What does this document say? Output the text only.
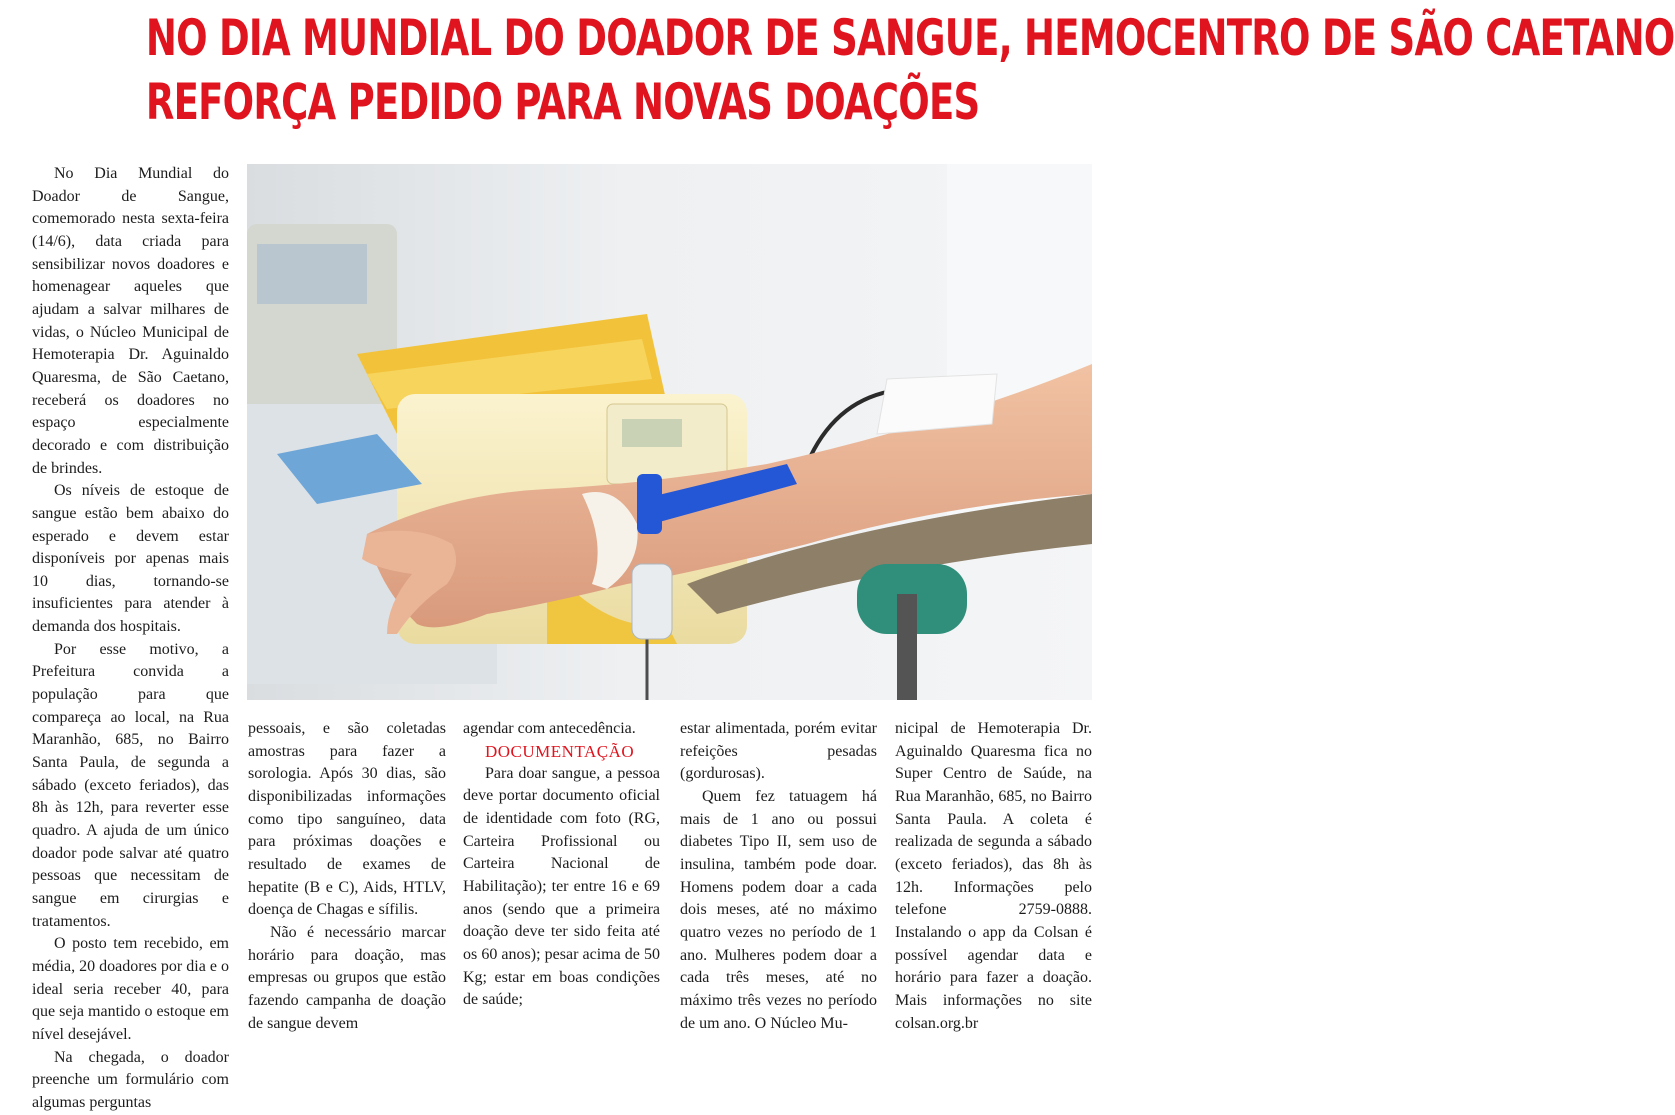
NO DIA MUNDIAL DO DOADOR DE SANGUE, HEMOCENTRO DE SÃO CAETANO
REFORÇA PEDIDO PARA NOVAS DOAÇÕES

No Dia Mundial do Doador de Sangue, comemorado nesta sexta-feira (14/6), data criada para sensibilizar novos doadores e homenagear aqueles que ajudam a salvar milhares de vidas, o Núcleo Municipal de Hemoterapia Dr. Aguinaldo Quaresma, de São Caetano, receberá os doadores no espaço especialmente decorado e com distribuição de brindes.

Os níveis de estoque de sangue estão bem abaixo do esperado e devem estar disponíveis por apenas mais 10 dias, tornando-se insuficientes para atender à demanda dos hospitais.

Por esse motivo, a Prefeitura convida a população para que compareça ao local, na Rua Maranhão, 685, no Bairro Santa Paula, de segunda a sábado (exceto feriados), das 8h às 12h, para reverter esse quadro. A ajuda de um único doador pode salvar até quatro pessoas que necessitam de sangue em cirurgias e tratamentos.

O posto tem recebido, em média, 20 doadores por dia e o ideal seria receber 40, para que seja mantido o estoque em nível desejável.

Na chegada, o doador preenche um formulário com algumas perguntas

pessoais, e são coletadas amostras para fazer a sorologia. Após 30 dias, são disponibilizadas informações como tipo sanguíneo, data para próximas doações e resultado de exames de hepatite (B e C), Aids, HTLV, doença de Chagas e sífilis.

Não é necessário marcar horário para doação, mas empresas ou grupos que estão fazendo campanha de doação de sangue devem

agendar com antecedência.

DOCUMENTAÇÃO

Para doar sangue, a pessoa deve portar documento oficial de identidade com foto (RG, Carteira Profissional ou Carteira Nacional de Habilitação); ter entre 16 e 69 anos (sendo que a primeira doação deve ter sido feita até os 60 anos); pesar acima de 50 Kg; estar em boas condições de saúde;

estar alimentada, porém evitar refeições pesadas (gordurosas).

Quem fez tatuagem há mais de 1 ano ou possui diabetes Tipo II, sem uso de insulina, também pode doar. Homens podem doar a cada dois meses, até no máximo quatro vezes no período de 1 ano. Mulheres podem doar a cada três meses, até no máximo três vezes no período de um ano. O Núcleo Mu-

nicipal de Hemoterapia Dr. Aguinaldo Quaresma fica no Super Centro de Saúde, na Rua Maranhão, 685, no Bairro Santa Paula. A coleta é realizada de segunda a sábado (exceto feriados), das 8h às 12h. Informações pelo telefone 2759-0888. Instalando o app da Colsan é possível agendar data e horário para fazer a doação. Mais informações no site colsan.org.br
